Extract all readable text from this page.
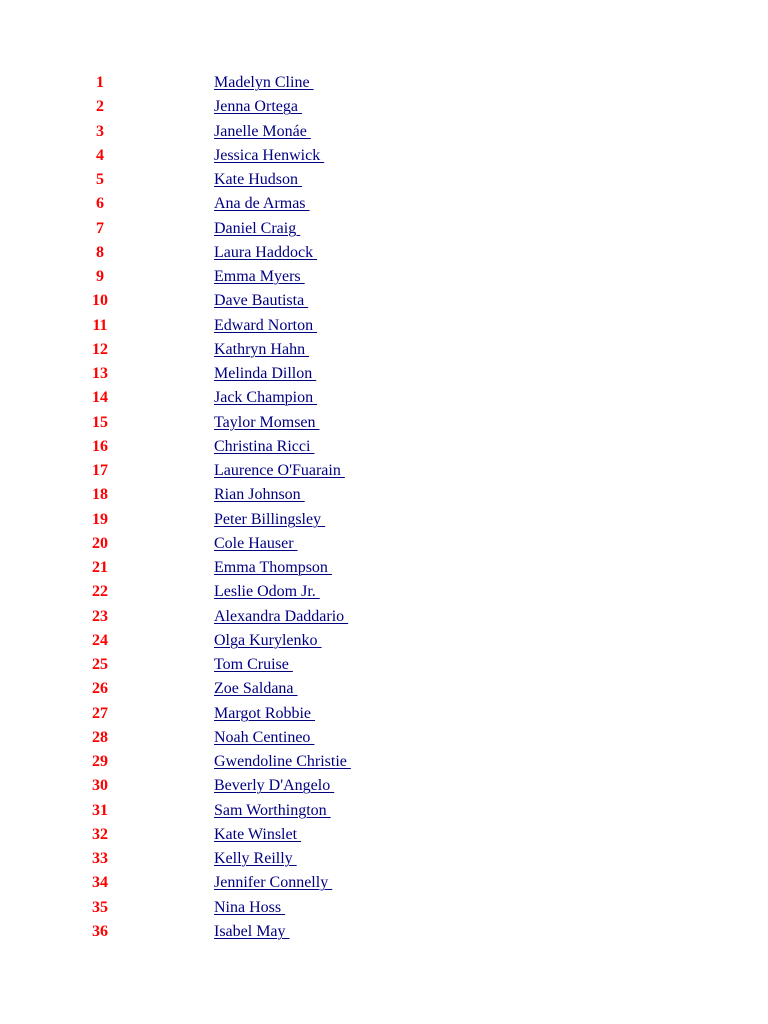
1	Madelyn Cline
2	Jenna Ortega
3	Janelle Monáe
4	Jessica Henwick
5	Kate Hudson
6	Ana de Armas
7	Daniel Craig
8	Laura Haddock
9	Emma Myers
10	Dave Bautista
11	Edward Norton
12	Kathryn Hahn
13	Melinda Dillon
14	Jack Champion
15	Taylor Momsen
16	Christina Ricci
17	Laurence O'Fuarain
18	Rian Johnson
19	Peter Billingsley
20	Cole Hauser
21	Emma Thompson
22	Leslie Odom Jr.
23	Alexandra Daddario
24	Olga Kurylenko
25	Tom Cruise
26	Zoe Saldana
27	Margot Robbie
28	Noah Centineo
29	Gwendoline Christie
30	Beverly D'Angelo
31	Sam Worthington
32	Kate Winslet
33	Kelly Reilly
34	Jennifer Connelly
35	Nina Hoss
36	Isabel May
